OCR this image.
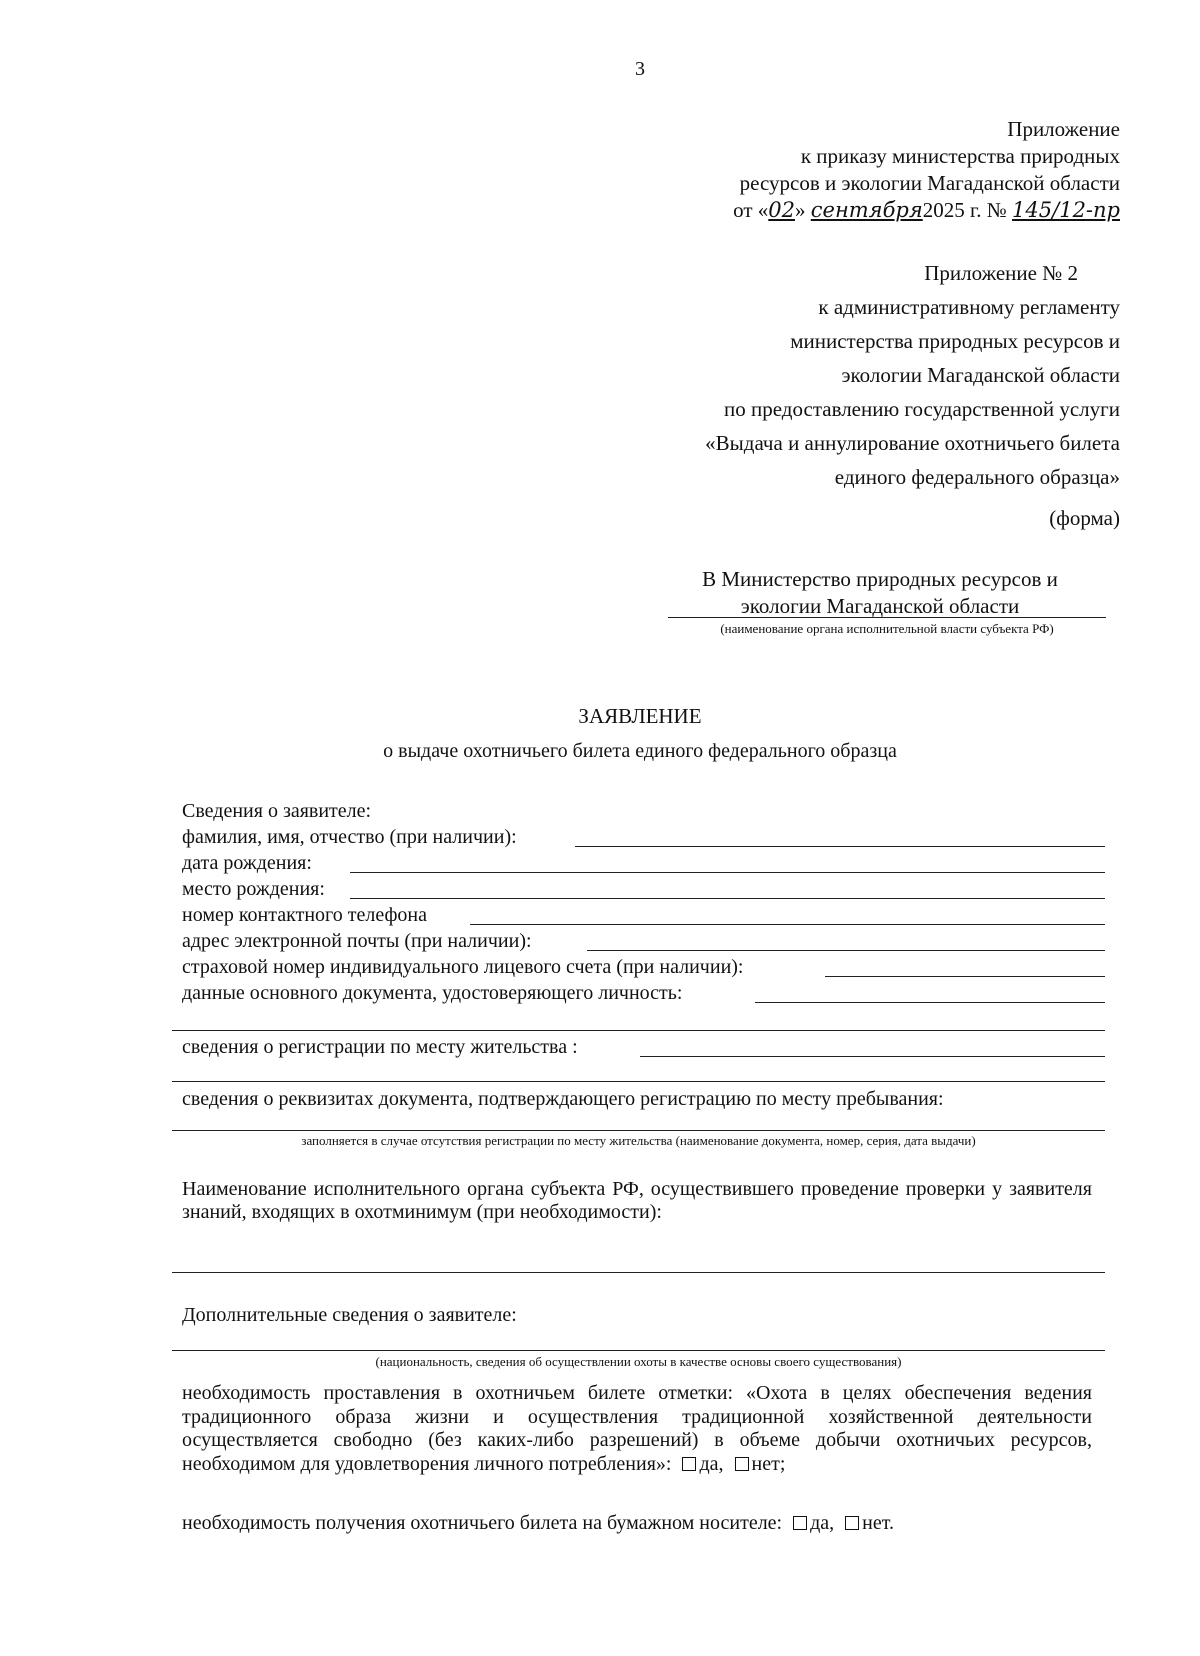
3
Приложение
к приказу министерства природных
ресурсов и экологии Магаданской области
от «02» сентября2025 г. № 145/12-пр
Приложение № 2
к административному регламенту
министерства природных ресурсов и
экологии Магаданской области
по предоставлению государственной услуги
«Выдача и аннулирование охотничьего билета
единого федерального образца»
(форма)
В Министерство природных ресурсов и
экологии Магаданской области
(наименование органа исполнительной власти субъекта РФ)
ЗАЯВЛЕНИЕ
о выдаче охотничьего билета единого федерального образца
Сведения о заявителе:
фамилия, имя, отчество (при наличии):
дата рождения:
место рождения:
номер контактного телефона
адрес электронной почты (при наличии):
страховой номер индивидуального лицевого счета (при наличии):
данные основного документа, удостоверяющего личность:
сведения о регистрации по месту жительства :
сведения о реквизитах документа, подтверждающего регистрацию по месту пребывания:
заполняется в случае отсутствия регистрации по месту жительства (наименование документа, номер, серия, дата выдачи)
Наименование исполнительного органа субъекта РФ, осуществившего проведение проверки у заявителя знаний, входящих в охотминимум (при необходимости):
Дополнительные сведения о заявителе:
(национальность, сведения об осуществлении охоты в качестве основы своего существования)
необходимость проставления в охотничьем билете отметки: «Охота в целях обеспечения ведения традиционного образа жизни и осуществления традиционной хозяйственной деятельности осуществляется свободно (без каких-либо разрешений) в объеме добычи охотничьих ресурсов, необходимом для удовлетворения личного потребления»: да, нет;
необходимость получения охотничьего билета на бумажном носителе: да, нет.
